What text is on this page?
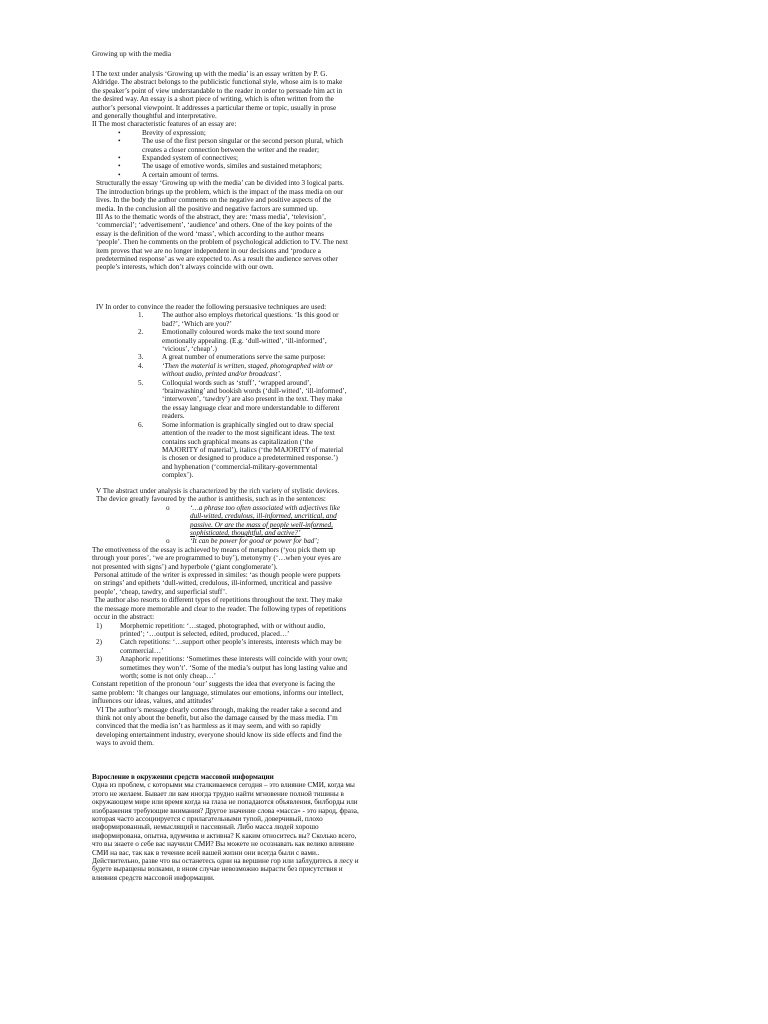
Growing up with the media

I The text under analysis ‘Growing up with the media’ is an essay written by P. G. Aldridge. The abstract belongs to the publicistic functional style, whose aim is to make the speaker’s point of view understandable to the reader in order to persuade him act in the desired way. An essay is a short piece of writing, which is often written from the author’s personal viewpoint. It addresses a particular theme or topic, usually in prose and generally thoughtful and interpretative.

II The most characteristic features of an essay are:

• Brevity of expression;

• The use of the first person singular or the second person plural, which creates a closer connection between the writer and the reader;

• Expanded system of connectives;

• The usage of emotive words, similes and sustained metaphors;

• A certain amount of terms.

Structurally the essay ‘Growing up with the media’ can be divided into 3 logical parts. The introduction brings up the problem, which is the impact of the mass media on our lives. In the body the author comments on the negative and positive aspects of the media. In the conclusion all the positive and negative factors are summed up.

III As to the thematic words of the abstract, they are: ‘mass media’, ‘television’, ‘commercial’; ‘advertisement’, ‘audience’ and others. One of the key points of the essay is the definition of the word ‘mass’, which according to the author means ‘people’. Then he comments on the problem of psychological addiction to TV. The next item proves that we are no longer independent in our decisions and ‘produce a predetermined response’ as we are expected to. As a result the audience serves other people’s interests, which don’t always coincide with our own.

IV In order to convince the reader the following persuasive techniques are used:

1.	The author also employs rhetorical questions. ‘Is this good or bad?’, ‘Which are you?’
2.	Emotionally coloured words make the text sound more emotionally appealing. (E.g. ‘dull-witted’, ‘ill-informed’, ‘vicious’, ‘cheap’.)
3.	A great number of enumerations serve the same purpose:
4.	‘Then the material is written, staged, photographed with or without audio, printed and/or broadcast’.
5.	Colloquial words such as ‘stuff’, ‘wrapped around’, ‘brainwashing’ and bookish words (‘dull-witted’, ‘ill-informed’, ‘interwoven’, ‘tawdry’) are also present in the text. They make the essay language clear and more understandable to different readers.
6.	Some information is graphically singled out to draw special attention of the reader to the most significant ideas. The text contains such graphical means as capitalization (‘the MAJORITY of material’), italics (‘the MAJORITY of material is chosen or designed to produce a predetermined response.’) and hyphenation (‘commercial-military-governmental complex’).

V The abstract under analysis is characterized by the rich variety of stylistic devices. The device greatly favoured by the author is antithesis, such as in the sentences:

o	‘…a phrase too often associated with adjectives like dull-witted, credulous, ill-informed, uncritical, and passive. Or are the mass of people well-informed, sophisticated, thoughtful, and active?’
o	‘It can be power for good or power for bad’;

The emotiveness of the essay is achieved by means of metaphors (‘you pick them up through your pores’, ‘we are programmed to buy’), metonymy (‘…when your eyes are not presented with signs’) and hyperbole (‘giant conglomerate’).

Personal attitude of the writer is expressed in similes: ‘as though people were puppets on strings’ and epithets ‘dull-witted, credulous, ill-informed, uncritical and passive people’, ‘cheap, tawdry, and superficial stuff’.

The author also resorts to different types of repetitions throughout the text. They make the message more memorable and clear to the reader. The following types of repetitions occur in the abstract:

1)	Morphemic repetition: ‘…staged, photographed, with or without audio, printed’; ‘…output is selected, edited, produced, placed…’
2)	Catch repetitions: ‘…support other people’s interests, interests which may be commercial…’
3)	Anaphoric repetitions: ‘Sometimes these interests will coincide with your own; sometimes they won’t’. ‘Some of the media’s output has long lasting value and worth; some is not only cheap…’

Constant repetition of the pronoun ‘our’ suggests the idea that everyone is facing the same problem: ‘It changes our language, stimulates our emotions, informs our intellect, influences our ideas, values, and attitudes’

VI The author’s message clearly comes through, making the reader take a second and think not only about the benefit, but also the damage caused by the mass media. I’m convinced that the media isn’t as harmless as it may seem, and with so rapidly developing entertainment industry, everyone should know its side effects and find the ways to avoid them.

Взросление в окружении средств массовой информации

Одна из проблем, с которыми мы сталкиваемся сегодня – это влияние СМИ, когда мы этого не желаем. Бывает ли вам иногда трудно найти мгновение полной тишины в окружающем мире или время когда на глаза не попадаются объявления, билборды или изображения требующие внимания? Другое значение слова «масса» - это народ, фраза, которая часто ассоциируется с прилагательными тупой, доверчивый, плохо информированный, немыслящий и пассивный. Либо масса людей хорошо информирована, опытна, вдумчива и активна? К каким относитесь вы? Сколько всего, что вы знаете о себе вас научили СМИ? Вы можете не осознавать как велико влияние СМИ на вас, так как в течение всей вашей жизни они всегда были с вами.. Действительно, разве что вы останетесь одни на вершине гор или заблудитесь в лесу и будете выращены волками, в ином случае невозможно вырасти без присутствия и влияния средств массовой информации.
